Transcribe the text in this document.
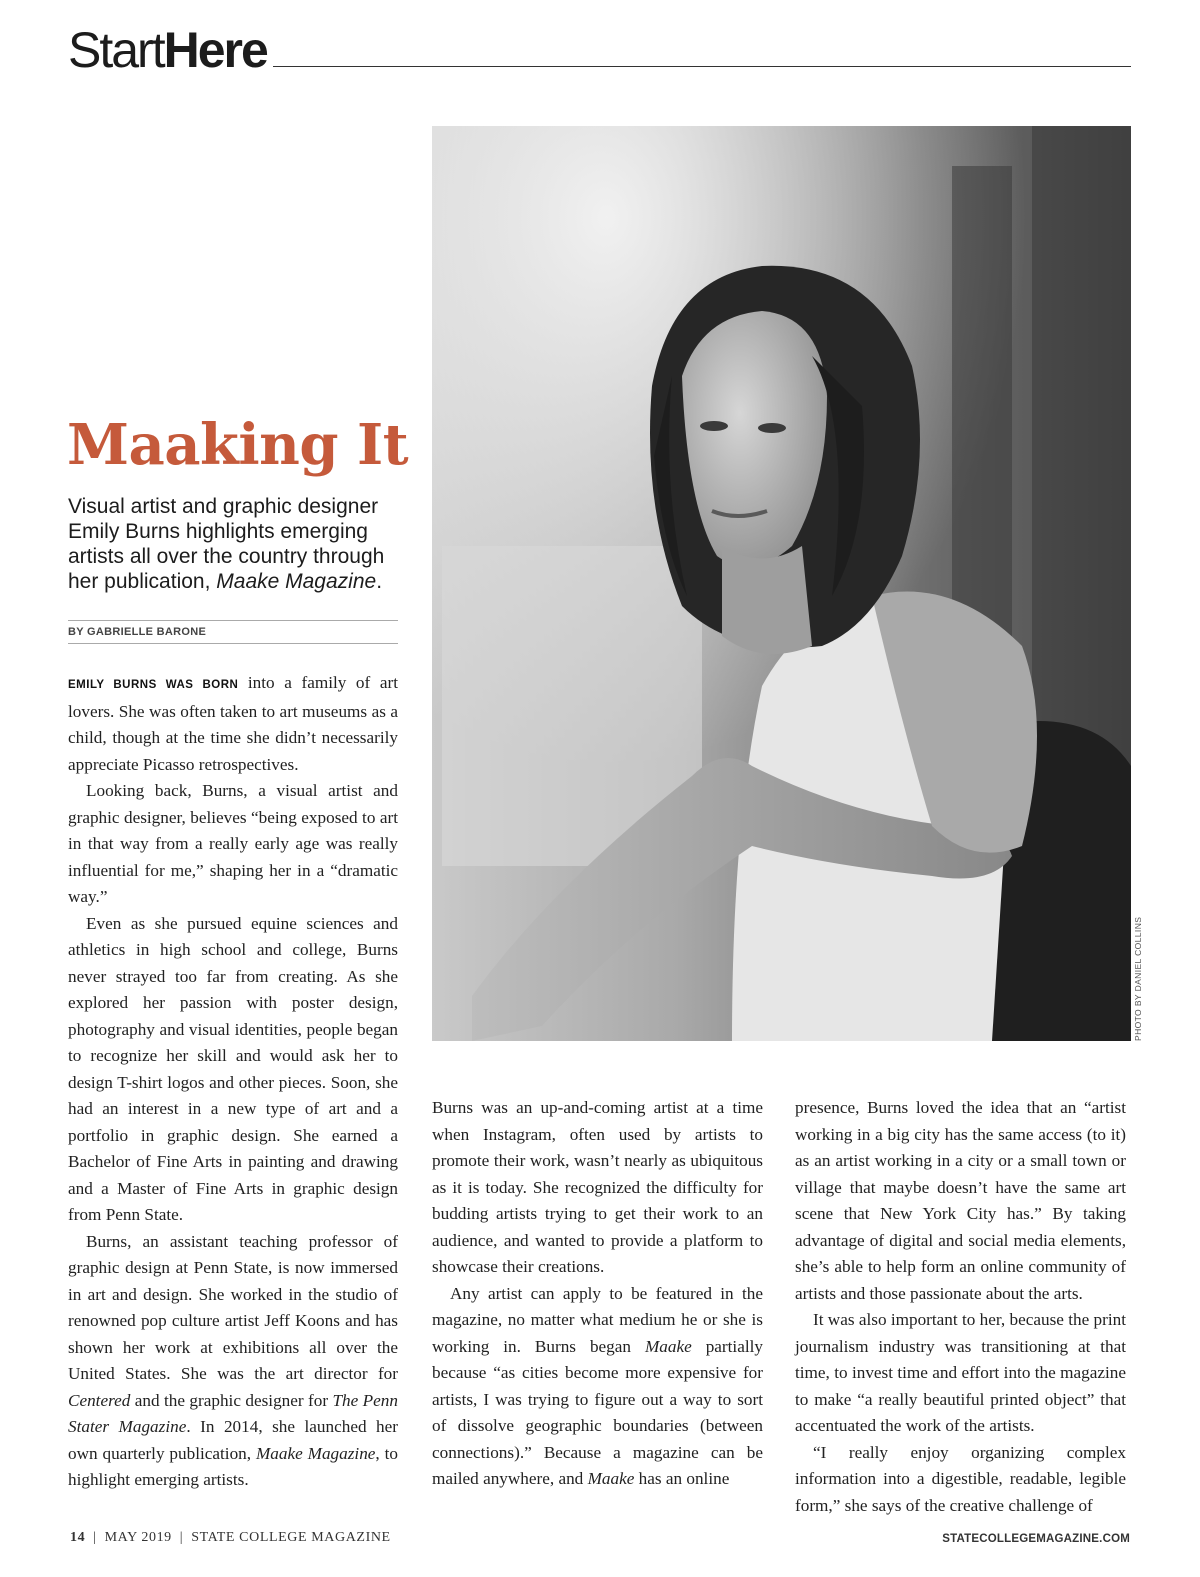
StartHere
PHOTO BY DANIEL COLLINS
Maaking It

Visual artist and graphic designer Emily Burns highlights emerging artists all over the country through her publication, Maake Magazine.

BY GABRIELLE BARONE

EMILY BURNS WAS BORN into a family of art lovers. She was often taken to art museums as a child, though at the time she didn’t necessarily appreciate Picasso retrospectives.

Looking back, Burns, a visual artist and graphic designer, believes “being exposed to art in that way from a really early age was really influential for me,” shaping her in a “dramatic way.”

Even as she pursued equine sciences and athletics in high school and college, Burns never strayed too far from creating. As she explored her passion with poster design, photography and visual identities, people began to recognize her skill and would ask her to design T-shirt logos and other pieces. Soon, she had an interest in a new type of art and a portfolio in graphic design. She earned a Bachelor of Fine Arts in painting and drawing and a Master of Fine Arts in graphic design from Penn State.

Burns, an assistant teaching professor of graphic design at Penn State, is now immersed in art and design. She worked in the studio of renowned pop culture artist Jeff Koons and has shown her work at exhibitions all over the United States. She was the art director for Centered and the graphic designer for The Penn Stater Magazine. In 2014, she launched her own quarterly publication, Maake Magazine, to highlight emerging artists.

Burns was an up-and-coming artist at a time when Instagram, often used by artists to promote their work, wasn’t nearly as ubiquitous as it is today. She recognized the difficulty for budding artists trying to get their work to an audience, and wanted to provide a platform to showcase their creations.

Any artist can apply to be featured in the magazine, no matter what medium he or she is working in. Burns began Maake partially because “as cities become more expensive for artists, I was trying to figure out a way to sort of dissolve geographic boundaries (between connections).” Because a magazine can be mailed anywhere, and Maake has an online

presence, Burns loved the idea that an “artist working in a big city has the same access (to it) as an artist working in a city or a small town or village that maybe doesn’t have the same art scene that New York City has.” By taking advantage of digital and social media elements, she’s able to help form an online community of artists and those passionate about the arts.

It was also important to her, because the print journalism industry was transitioning at that time, to invest time and effort into the magazine to make “a really beautiful printed object” that accentuated the work of the artists.

“I really enjoy organizing complex information into a digestible, readable, legible form,” she says of the creative challenge of

14 | MAY 2019 | STATE COLLEGE MAGAZINE	STATECOLLEGEMAGAZINE.COM
